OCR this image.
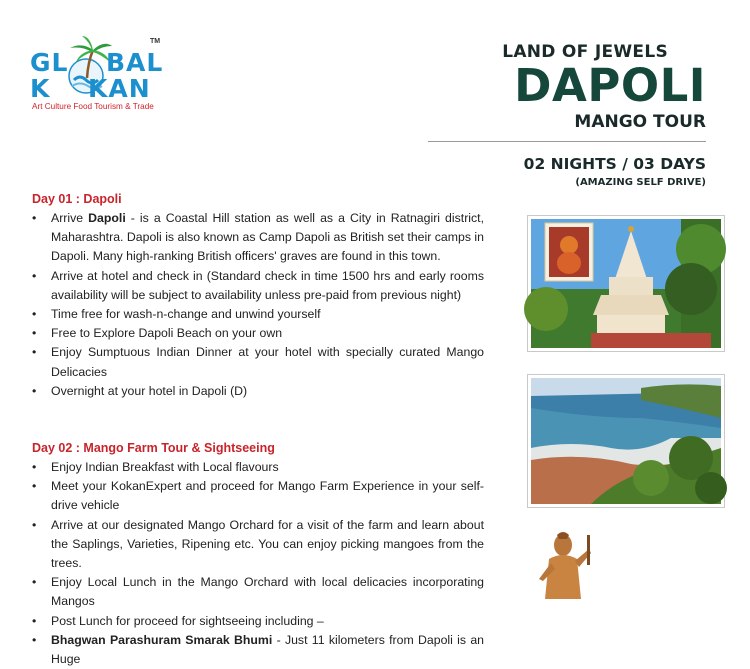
GL BAL
K KAN
TM
Art Culture Food Tourism & Trade
LAND OF JEWELS
DAPOLI
MANGO TOUR
02 NIGHTS / 03 DAYS
(AMAZING SELF DRIVE)
Day 01 : Dapoli
• Arrive Dapoli - is a Coastal Hill station as well as a City in Ratnagiri district, Maharashtra. Dapoli is also known as Camp Dapoli as British set their camps in Dapoli. Many high-ranking British officers' graves are found in this town.
• Arrive at hotel and check in (Standard check in time 1500 hrs and early rooms availability will be subject to availability unless pre-paid from previous night)
• Time free for wash-n-change and unwind yourself
• Free to Explore Dapoli Beach on your own
• Enjoy Sumptuous Indian Dinner at your hotel with specially curated Mango Delicacies
• Overnight at your hotel in Dapoli (D)
Day 02 : Mango Farm Tour & Sightseeing
• Enjoy Indian Breakfast with Local flavours
• Meet your KokanExpert and proceed for Mango Farm Experience in your self-drive vehicle
• Arrive at our designated Mango Orchard for a visit of the farm and learn about the Saplings, Varieties, Ripening etc. You can enjoy picking mangoes from the trees.
• Enjoy Local Lunch in the Mango Orchard with local delicacies incorporating Mangos
• Post Lunch for proceed for sightseeing including –
• Bhagwan Parashuram Smarak Bhumi - Just 11 kilometers from Dapoli is an Huge
